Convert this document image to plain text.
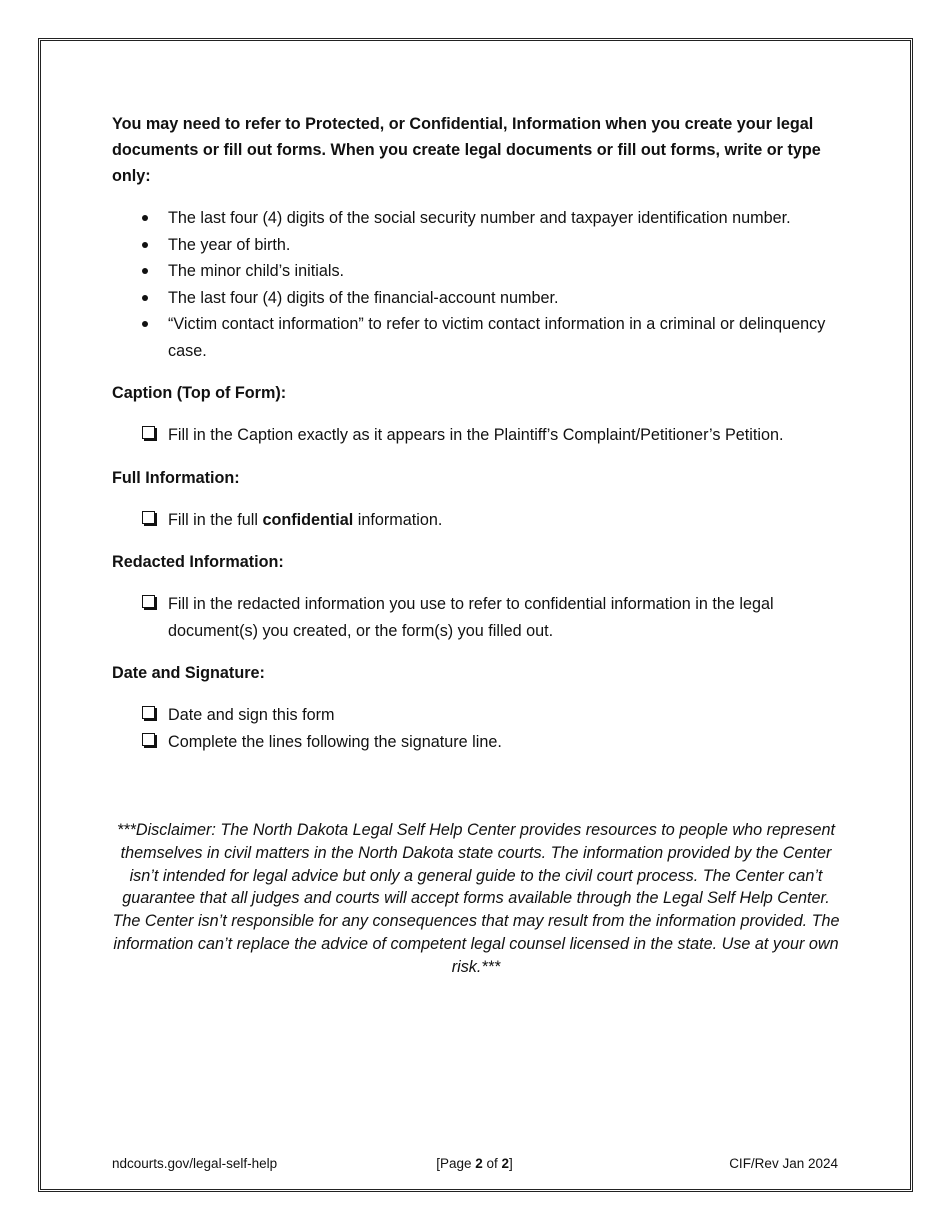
You may need to refer to Protected, or Confidential, Information when you create your legal documents or fill out forms. When you create legal documents or fill out forms, write or type only:

The last four (4) digits of the social security number and taxpayer identification number.
The year of birth.
The minor child’s initials.
The last four (4) digits of the financial-account number.
“Victim contact information” to refer to victim contact information in a criminal or delinquency case.
Caption (Top of Form):
Fill in the Caption exactly as it appears in the Plaintiff’s Complaint/Petitioner’s Petition.
Full Information:
Fill in the full confidential information.
Redacted Information:
Fill in the redacted information you use to refer to confidential information in the legal document(s) you created, or the form(s) you filled out.
Date and Signature:
Date and sign this form
Complete the lines following the signature line.
***Disclaimer: The North Dakota Legal Self Help Center provides resources to people who represent themselves in civil matters in the North Dakota state courts. The information provided by the Center isn’t intended for legal advice but only a general guide to the civil court process. The Center can’t guarantee that all judges and courts will accept forms available through the Legal Self Help Center. The Center isn’t responsible for any consequences that may result from the information provided. The information can’t replace the advice of competent legal counsel licensed in the state. Use at your own risk.***
ndcourts.gov/legal-self-help	[Page 2 of 2]	CIF/Rev Jan 2024
